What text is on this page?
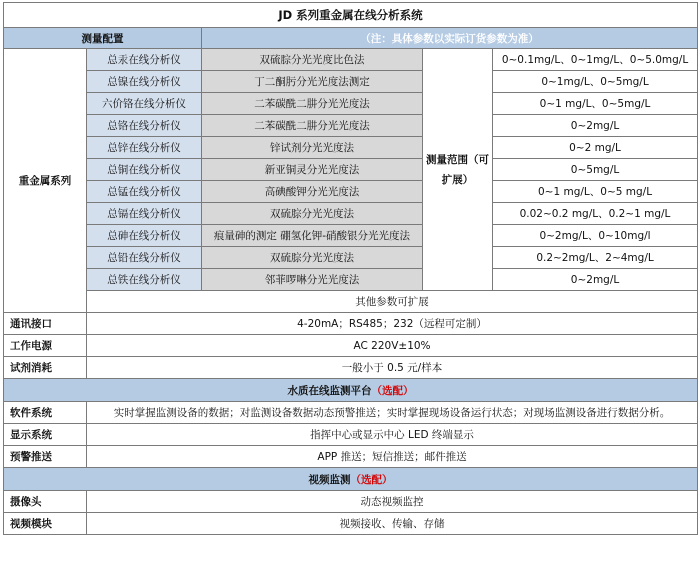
JD 系列重金属在线分析系统				
测量配置		（注：具体参数以实际订货参数为准）		
重金属系列	总汞在线分析仪	双硫腙分光光度比色法	测量范围（可扩展）	0~0.1mg/L、0~1mg/L、0~5.0mg/L
	总镍在线分析仪	丁二酮肟分光光度法测定		0~1mg/L、0~5mg/L
	六价铬在线分析仪	二苯碳酰二肼分光光度法		0~1 mg/L、0~5mg/L
	总铬在线分析仪	二苯碳酰二肼分光光度法		0~2mg/L
	总锌在线分析仪	锌试剂分光光度法		0~2 mg/L
	总铜在线分析仪	新亚铜灵分光光度法		0~5mg/L
	总锰在线分析仪	高碘酸钾分光光度法		0~1 mg/L、0~5 mg/L
	总镉在线分析仪	双硫腙分光光度法		0.02~0.2 mg/L、0.2~1 mg/L
	总砷在线分析仪	痕量砷的测定 硼氢化钾-硝酸银分光光度法		0~2mg/L、0~10mg/l
	总铅在线分析仪	双硫腙分光光度法		0.2~2mg/L、2~4mg/L
	总铁在线分析仪	邻菲啰啉分光光度法		0~2mg/L
	其他参数可扩展			
通讯接口	4-20mA；RS485；232（远程可定制）			
工作电源	AC 220V±10%			
试剂消耗	一般小于 0.5 元/样本			
水质在线监测平台（选配）				
软件系统	实时掌握监测设备的数据；对监测设备数据动态预警推送；实时掌握现场设备运行状态；对现场监测设备进行数据分析。			
显示系统	指挥中心或显示中心 LED 终端显示			
预警推送	APP 推送；短信推送；邮件推送			
视频监测（选配）				
摄像头	动态视频监控			
视频模块	视频接收、传输、存储			
